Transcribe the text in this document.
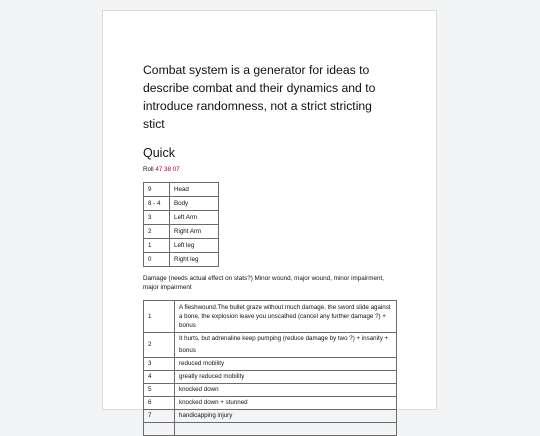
Combat system is a generator for ideas to describe combat and their dynamics and to introduce randomness, not a strict stricting stict

Quick

Roll 47 38 07

9	Head
8 - 4	Body
3	Left Arm
2	Right Arm
1	Left leg
0	Right leg

Damage (needs actual effect on stats?) Minor wound, major wound, minor impairment, major impairment

1	A fleshwound.The bullet graze without much damage, the sword slide against a bone, the explosion leave you unscathed (cancel any further damage ?) + bonus
2	It hurts, but adrenaline keep pumping (reduce damage by two ?) + insanity + bonus
3	reduced mobility
4	greatly reduced mobility
5	knocked down
6	knocked down + stunned
7	handicapping injury
